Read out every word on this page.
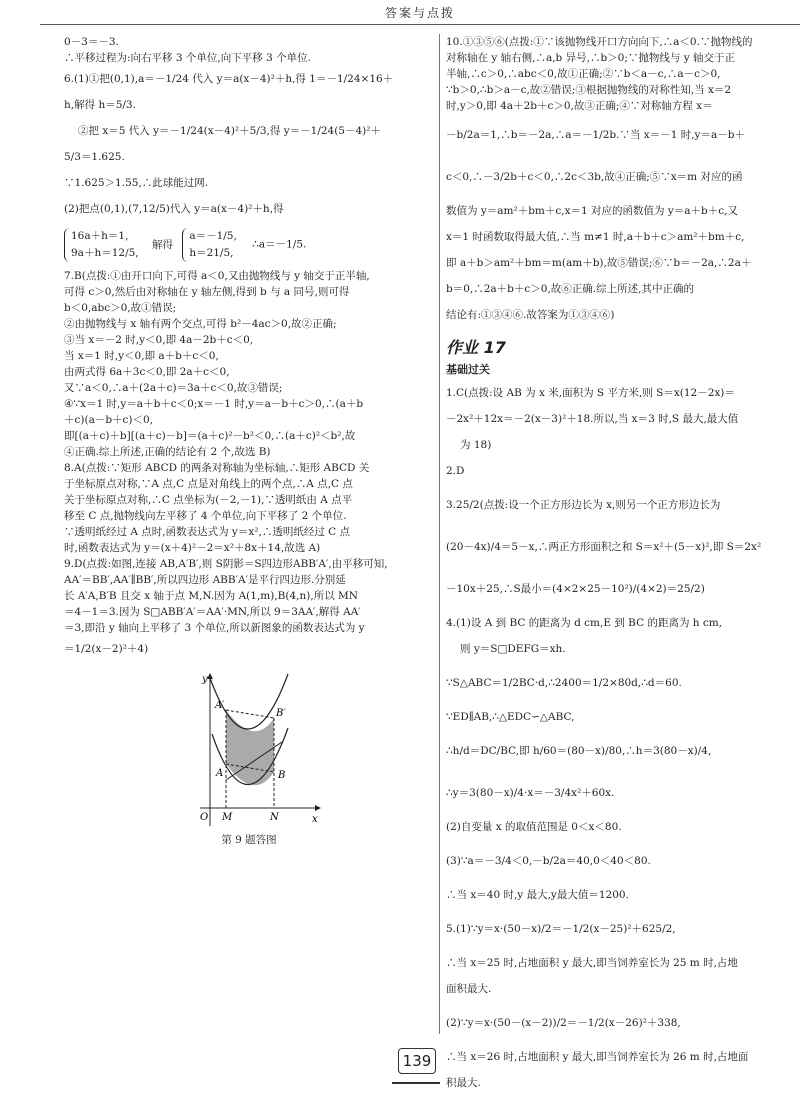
答案与点拨
0－3＝－3.
∴平移过程为:向右平移 3 个单位,向下平移 3 个单位.
6.(1)①把(0,1),a＝－1/24 代入 y＝a(x－4)²＋h,得 1＝－1/24×16＋
h,解得 h＝5/3.
②把 x＝5 代入 y＝－1/24(x－4)²＋5/3,得 y＝－1/24(5－4)²＋
5/3＝1.625.
∵1.625＞1.55,∴此球能过网.
(2)把点(0,1),(7,12/5)代入 y＝a(x－4)²＋h,得
16a＋h＝1,
9a＋h＝12/5,
解得
a＝－1/5,
h＝21/5,
∴a＝－1/5.
7.B(点拨:①由开口向下,可得 a＜0,又由抛物线与 y 轴交于正半轴,
可得 c＞0,然后由对称轴在 y 轴左侧,得到 b 与 a 同号,则可得
b＜0,abc＞0,故①错误;
②由抛物线与 x 轴有两个交点,可得 b²－4ac＞0,故②正确;
③当 x＝－2 时,y＜0,即 4a－2b＋c＜0,
当 x＝1 时,y＜0,即 a＋b＋c＜0,
由两式得 6a＋3c＜0,即 2a＋c＜0,
又∵a＜0,∴a＋(2a＋c)＝3a＋c＜0,故③错误;
④∵x＝1 时,y＝a＋b＋c＜0;x＝－1 时,y＝a－b＋c＞0,∴(a＋b
＋c)(a－b＋c)＜0,
即[(a＋c)＋b][(a＋c)－b]＝(a＋c)²－b²＜0,∴(a＋c)²＜b²,故
④正确.综上所述,正确的结论有 2 个,故选 B)
8.A(点拨:∵矩形 ABCD 的两条对称轴为坐标轴,∴矩形 ABCD 关
于坐标原点对称,∵A 点,C 点是对角线上的两个点,∴A 点,C 点
关于坐标原点对称,∴C 点坐标为(－2,－1),∵透明纸由 A 点平
移至 C 点,抛物线向左平移了 4 个单位,向下平移了 2 个单位.
∵透明纸经过 A 点时,函数表达式为 y＝x²,∴透明纸经过 C 点
时,函数表达式为 y＝(x＋4)²－2＝x²＋8x＋14,故选 A)
9.D(点拨:如图,连接 AB,A′B′,则 S阴影＝S四边形ABB′A′,由平移可知,
AA′＝BB′,AA′∥BB′,所以四边形 ABB′A′是平行四边形.分别延
长 A′A,B′B 且交 x 轴于点 M,N.因为 A(1,m),B(4,n),所以 MN
＝4－1＝3.因为 S□ABB′A′＝AA′·MN,所以 9＝3AA′,解得 AA′
＝3,即沿 y 轴向上平移了 3 个单位,所以新图象的函数表达式为 y
＝1/2(x－2)²＋4)
y
x
O M	N
A	B
A′
B′
第 9 题答图
10.①③⑤⑥(点拨:①∵该抛物线开口方向向下,∴a＜0.∵抛物线的
对称轴在 y 轴右侧,∴a,b 异号,∴b＞0;∵抛物线与 y 轴交于正
半轴,∴c＞0,∴abc＜0,故①正确;②∵b＜a－c,∴a－c＞0,
∵b＞0,∴b＞a－c,故②错误;③根据抛物线的对称性知,当 x＝2
时,y＞0,即 4a＋2b＋c＞0,故③正确;④∵对称轴方程 x＝
－b/2a＝1,∴b＝－2a,∴a＝－1/2b.∵当 x＝－1 时,y＝a－b＋
c＜0,∴－3/2b＋c＜0,∴2c＜3b,故④正确;⑤∵x＝m 对应的函
数值为 y＝am²＋bm＋c,x＝1 对应的函数值为 y＝a＋b＋c,又
x＝1 时函数取得最大值,∴当 m≠1 时,a＋b＋c＞am²＋bm＋c,
即 a＋b＞am²＋bm＝m(am＋b),故⑤错误;⑥∵b＝－2a,∴2a＋
b＝0,∴2a＋b＋c＞0,故⑥正确.综上所述,其中正确的
结论有:①③④⑥.故答案为①③④⑥)
作业 17
基础过关
1.C(点拨:设 AB 为 x 米,面积为 S 平方米,则 S＝x(12－2x)＝
－2x²＋12x＝－2(x－3)²＋18.所以,当 x＝3 时,S 最大,最大值
为 18)
2.D
3.25/2(点拨:设一个正方形边长为 x,则另一个正方形边长为
(20－4x)/4＝5－x,∴两正方形面积之和 S＝x²＋(5－x)²,即 S＝2x²
－10x＋25,∴S最小＝(4×2×25－10²)/(4×2)＝25/2)
4.(1)设 A 到 BC 的距离为 d cm,E 到 BC 的距离为 h cm,
则 y＝S□DEFG＝xh.
∵S△ABC＝1/2BC·d,∴2400＝1/2×80d,∴d＝60.
∵ED∥AB,∴△EDC∽△ABC,
∴h/d＝DC/BC,即 h/60＝(80－x)/80,∴h＝3(80－x)/4,
∴y＝3(80－x)/4·x＝－3/4x²＋60x.
(2)自变量 x 的取值范围是 0＜x＜80.
(3)∵a＝－3/4＜0,－b/2a＝40,0＜40＜80.
∴当 x＝40 时,y 最大,y最大值＝1200.
5.(1)∵y＝x·(50－x)/2＝－1/2(x－25)²＋625/2,
∴当 x＝25 时,占地面积 y 最大,即当饲养室长为 25 m 时,占地
面积最大.
(2)∵y＝x·(50－(x－2))/2＝－1/2(x－26)²＋338,
∴当 x＝26 时,占地面积 y 最大,即当饲养室长为 26 m 时,占地面
积最大.
139
